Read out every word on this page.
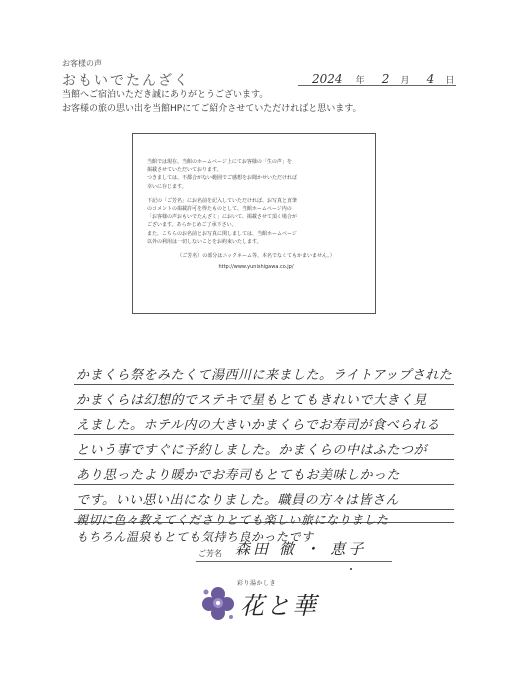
お客様の声
おもいでたんざく	2024 年 2 月 4 日
当館へご宿泊いただき誠にありがとうございます。
お客様の旅の思い出を当館HPにてご紹介させていただければと思います。

当館では現在、当館のホームページ上にてお客様の「生の声」を

掲載させていただいております。

つきましては、不都合がない範囲でご感想をお聞かせいただければ

幸いに存じます。

下記の「ご芳名」にお名前を記入していただければ、お写真と直筆

のコメントの掲載許可を得たものとして、当館ホームページ内の

「お客様の声おもいでたんざく」において、掲載させて頂く場合が

ございます。あらかじめご了承下さい。

また、こちらのお名前とお写真に関しましては、当館ホームページ

以外の利用は一切しないことをお約束いたします。

（ご芳名）の部分はニックネーム等、本名でなくてもかまいません。）

http://www.yunishigawa.co.jp/

かまくら祭をみたくて湯西川に来ました。ライトアップされた
かまくらは幻想的でステキで星もとてもきれいで大きく見
えました。ホテル内の大きいかまくらでお寿司が食べられる
という事ですぐに予約しました。かまくらの中はふたつが
あり思ったより暖かでお寿司もとてもお美味しかった
です。いい思い出になりました。職員の方々は皆さん
親切に色々教えてくださりとても楽しい旅になりました
もちろん温泉もとても気持ち良かったです
ご芳名 森田 徹 ・ 恵子
彩り湯かしき
花と華
